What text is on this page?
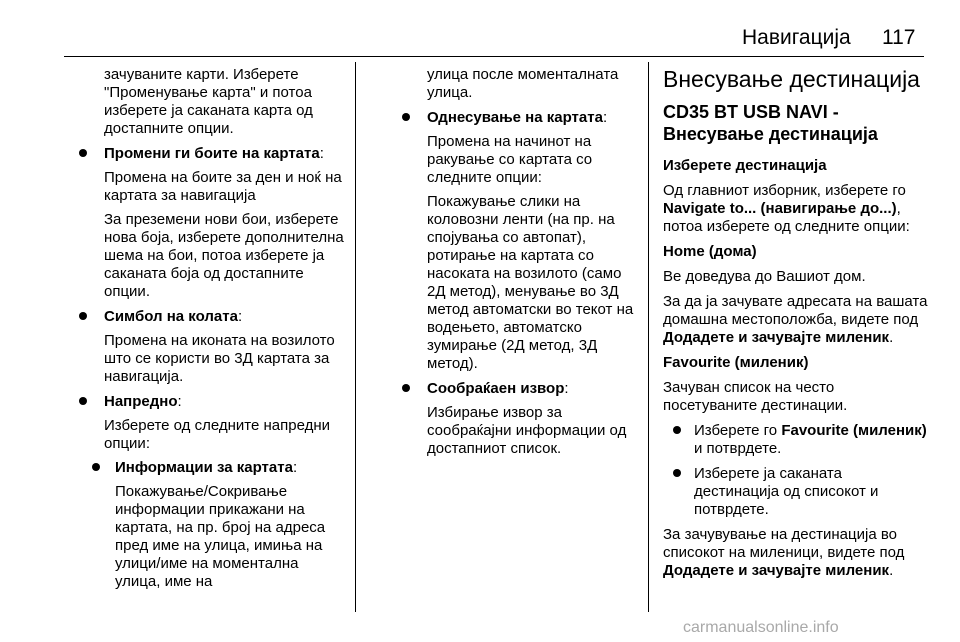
Навигација 117

зачуваните карти. Изберете "Променување карта" и потоа изберете ја саканата карта од достапните опции.

Промени ги боите на картата:

Промена на боите за ден и ноќ на картата за навигација

За преземени нови бои, изберете нова боја, изберете дополнителна шема на бои, потоа изберете ја саканата боја од достапните опции.

Симбол на колата:

Промена на иконата на возилото што се користи во 3Д картата за навигација.

Напредно:

Изберете од следните напредни опции:

Информации за картата:

Покажување/Сокривање информации прикажани на картата, на пр. број на адреса пред име на улица, имиња на улици/име на моментална улица, име на

улица после моменталната улица.

Однесување на картата:

Промена на начинот на ракување со картата со следните опции:

Покажување слики на коловозни ленти (на пр. на спојувања со автопат), ротирање на картата со насоката на возилото (само 2Д метод), менување во 3Д метод автоматски во текот на водењето, автоматско зумирање (2Д метод, 3Д метод).

Сообраќаен извор:

Избирање извор за сообраќајни информации од достапниот список.

Внесување дестинација
CD35 BT USB NAVI - Внесување дестинација

Изберете дестинација

Од главниот изборник, изберете го Navigate to... (навигирање до...), потоа изберете од следните опции:

Home (дома)

Ве доведува до Вашиот дом.

За да ја зачувате адресата на вашата домашна местоположба, видете под Додадете и зачувајте миленик.

Favourite (миленик)

Зачуван список на често посетуваните дестинации.

Изберете го Favourite (миленик) и потврдете.

Изберете ја саканата дестинација од списокот и потврдете.

За зачувување на дестинација во списокот на миленици, видете под Додадете и зачувајте миленик.

carmanualsonline.info
